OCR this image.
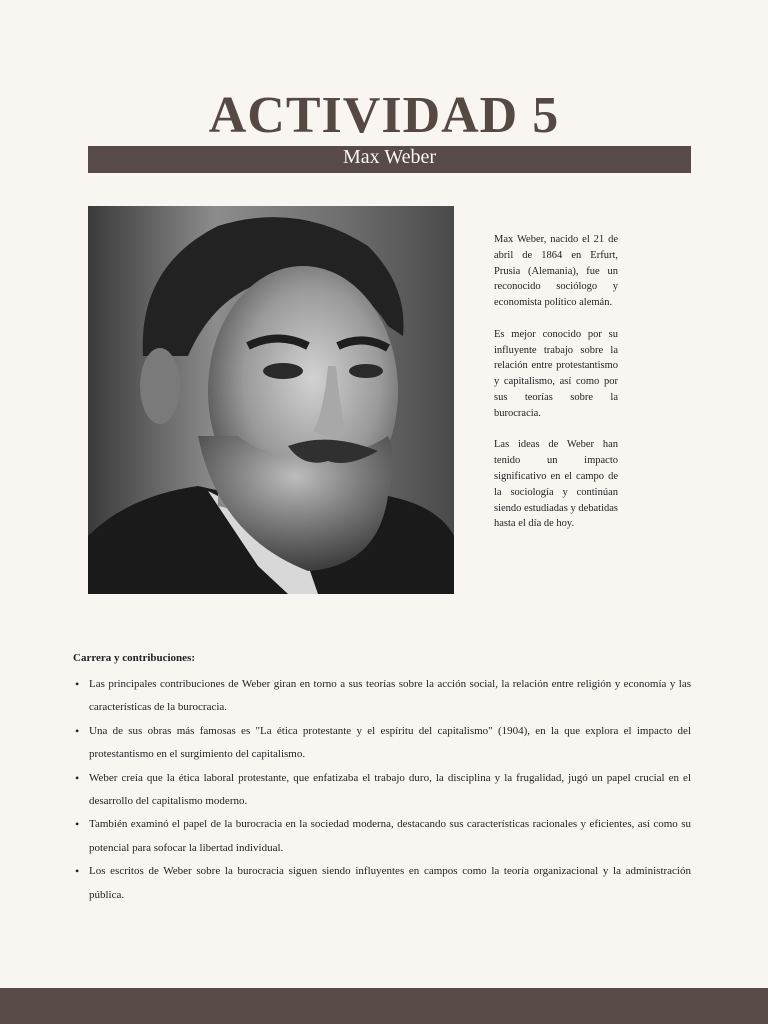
ACTIVIDAD 5
Max Weber

Max Weber, nacido el 21 de abril de 1864 en Erfurt, Prusia (Alemania), fue un reconocido sociólogo y economista político alemán.

Es mejor conocido por su influyente trabajo sobre la relación entre protestantismo y capitalismo, así como por sus teorías sobre la burocracia.

Las ideas de Weber han tenido un impacto significativo en el campo de la sociología y continúan siendo estudiadas y debatidas hasta el día de hoy.

Carrera y contribuciones:
• Las principales contribuciones de Weber giran en torno a sus teorías sobre la acción social, la relación entre religión y economía y las características de la burocracia.
• Una de sus obras más famosas es "La ética protestante y el espíritu del capitalismo" (1904), en la que explora el impacto del protestantismo en el surgimiento del capitalismo.
• Weber creía que la ética laboral protestante, que enfatizaba el trabajo duro, la disciplina y la frugalidad, jugó un papel crucial en el desarrollo del capitalismo moderno.
• También examinó el papel de la burocracia en la sociedad moderna, destacando sus características racionales y eficientes, así como su potencial para sofocar la libertad individual.
• Los escritos de Weber sobre la burocracia siguen siendo influyentes en campos como la teoría organizacional y la administración pública.
